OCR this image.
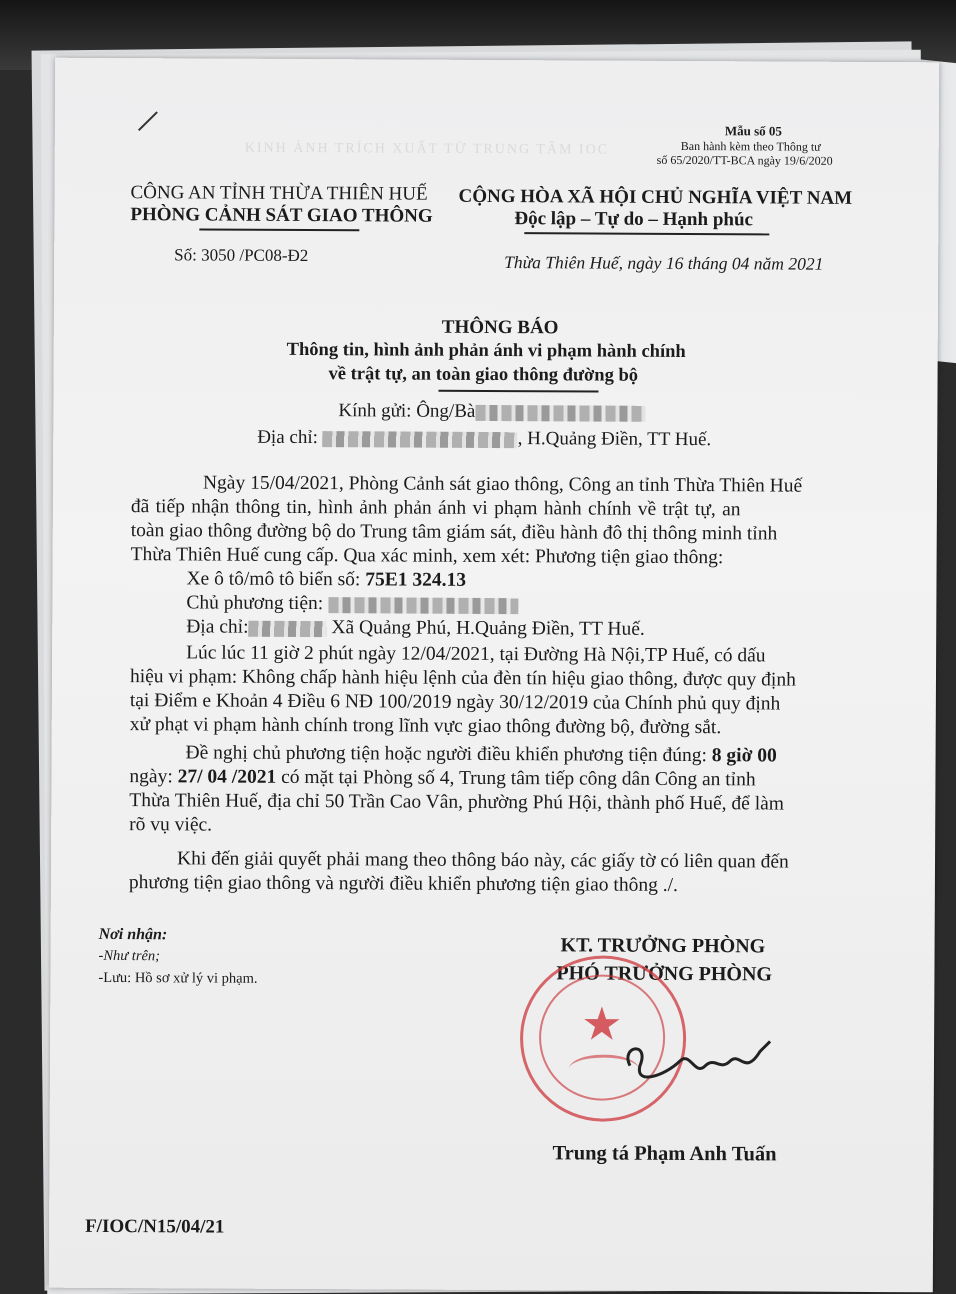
Mẫu số 05
Ban hành kèm theo Thông tư
số 65/2020/TT-BCA ngày 19/6/2020
KINH ẢNH TRÍCH XUẤT TỪ TRUNG TÂM IOC
CÔNG AN TỈNH THỪA THIÊN HUẾ
PHÒNG CẢNH SÁT GIAO THÔNG
Số: 3050 /PC08-Đ2
CỘNG HÒA XÃ HỘI CHỦ NGHĨA VIỆT NAM
Độc lập – Tự do – Hạnh phúc
Thừa Thiên Huế, ngày 16 tháng 04 năm 2021
THÔNG BÁO
Thông tin, hình ảnh phản ánh vi phạm hành chính
về trật tự, an toàn giao thông đường bộ
Kính gửi: Ông/Bà
Địa chỉ:	, H.Quảng Điền, TT Huế.
Ngày 15/04/2021, Phòng Cảnh sát giao thông, Công an tỉnh Thừa Thiên Huế
đã tiếp nhận thông tin, hình ảnh phản ánh vi phạm hành chính về trật tự, an
toàn giao thông đường bộ do Trung tâm giám sát, điều hành đô thị thông minh tỉnh
Thừa Thiên Huế cung cấp. Qua xác minh, xem xét: Phương tiện giao thông:
Xe ô tô/mô tô biển số: 75E1 324.13
Chủ phương tiện:
Địa chỉ:	Xã Quảng Phú, H.Quảng Điền, TT Huế.
Lúc lúc 11 giờ 2 phút ngày 12/04/2021, tại Đường Hà Nội,TP Huế, có dấu
hiệu vi phạm: Không chấp hành hiệu lệnh của đèn tín hiệu giao thông, được quy định
tại Điểm e Khoản 4 Điều 6 NĐ 100/2019 ngày 30/12/2019 của Chính phủ quy định
xử phạt vi phạm hành chính trong lĩnh vực giao thông đường bộ, đường sắt.
Đề nghị chủ phương tiện hoặc người điều khiển phương tiện đúng: 8 giờ 00
ngày: 27/ 04 /2021 có mặt tại Phòng số 4, Trung tâm tiếp công dân Công an tỉnh
Thừa Thiên Huế, địa chỉ 50 Trần Cao Vân, phường Phú Hội, thành phố Huế, để làm
rõ vụ việc.
Khi đến giải quyết phải mang theo thông báo này, các giấy tờ có liên quan đến
phương tiện giao thông và người điều khiển phương tiện giao thông ./.
Nơi nhận:
-Như trên;
-Lưu: Hồ sơ xử lý vi phạm.
KT. TRƯỞNG PHÒNG
PHÓ TRƯỞNG PHÒNG
★
Trung tá Phạm Anh Tuấn
F/IOC/N15/04/21
